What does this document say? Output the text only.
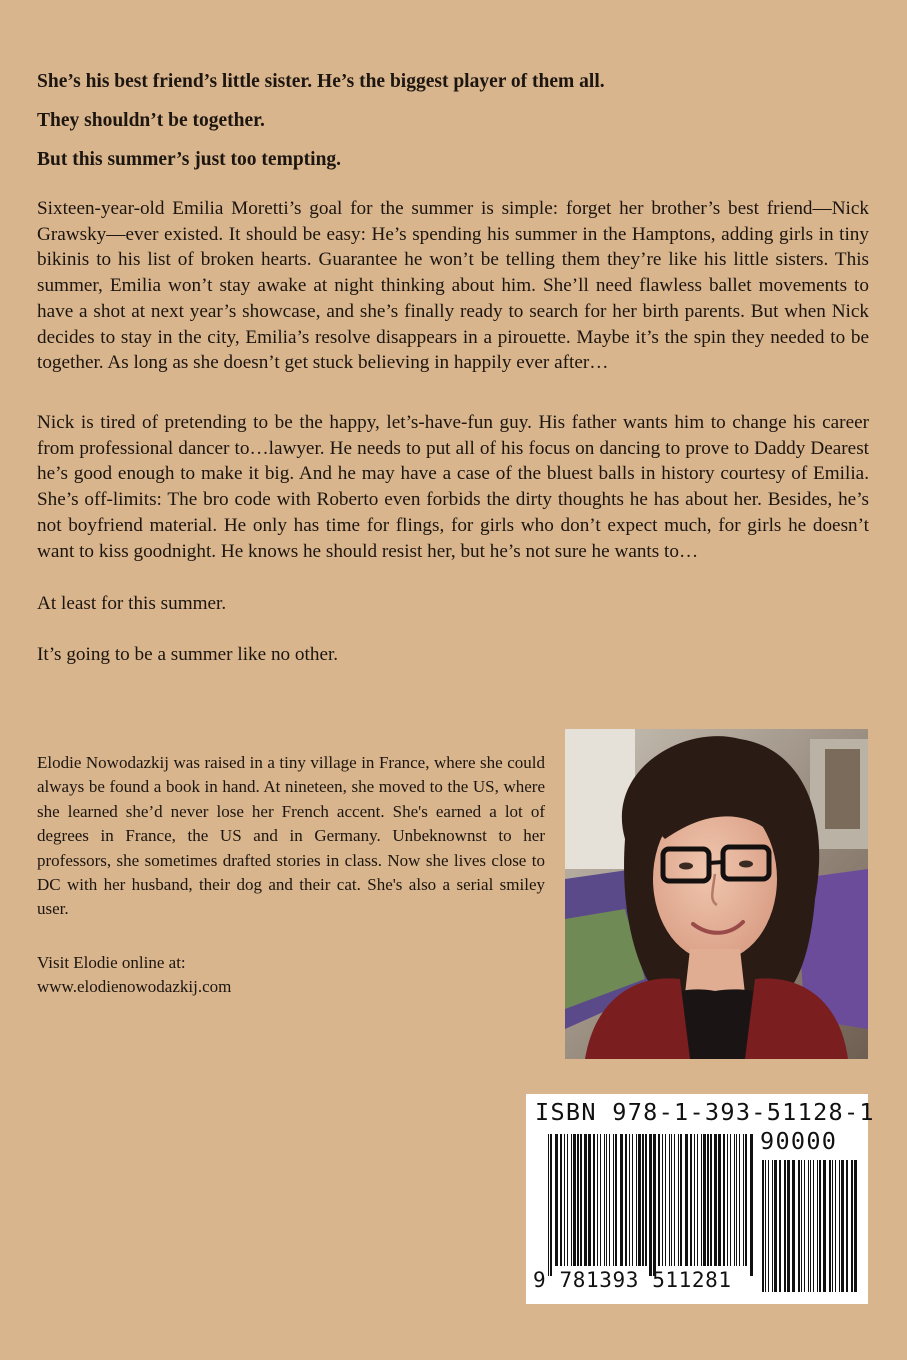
She’s his best friend’s little sister. He’s the biggest player of them all.
They shouldn’t be together.
But this summer’s just too tempting.
Sixteen-year-old Emilia Moretti’s goal for the summer is simple: forget her brother’s best friend—Nick Grawsky—ever existed. It should be easy: He’s spending his summer in the Hamptons, adding girls in tiny bikinis to his list of broken hearts. Guarantee he won’t be telling them they’re like his little sisters. This summer, Emilia won’t stay awake at night thinking about him. She’ll need flawless ballet movements to have a shot at next year’s showcase, and she’s finally ready to search for her birth parents. But when Nick decides to stay in the city, Emilia’s resolve disappears in a pirouette. Maybe it’s the spin they needed to be together. As long as she doesn’t get stuck believing in happily ever after…
Nick is tired of pretending to be the happy, let’s-have-fun guy. His father wants him to change his career from professional dancer to…lawyer. He needs to put all of his focus on dancing to prove to Daddy Dearest he’s good enough to make it big. And he may have a case of the bluest balls in history courtesy of Emilia. She’s off-limits: The bro code with Roberto even forbids the dirty thoughts he has about her. Besides, he’s not boyfriend material. He only has time for flings, for girls who don’t expect much, for girls he doesn’t want to kiss goodnight. He knows he should resist her, but he’s not sure he wants to…
At least for this summer.
It’s going to be a summer like no other.
Elodie Nowodazkij was raised in a tiny village in France, where she could always be found a book in hand. At nineteen, she moved to the US, where she learned she’d never lose her French accent. She's earned a lot of degrees in France, the US and in Germany. Unbeknownst to her professors, she sometimes drafted stories in class. Now she lives close to DC with her husband, their dog and their cat. She's also a serial smiley user.
Visit Elodie online at:
www.elodienowodazkij.com
ISBN 978-1-393-51128-1
90000
9 781393 511281
